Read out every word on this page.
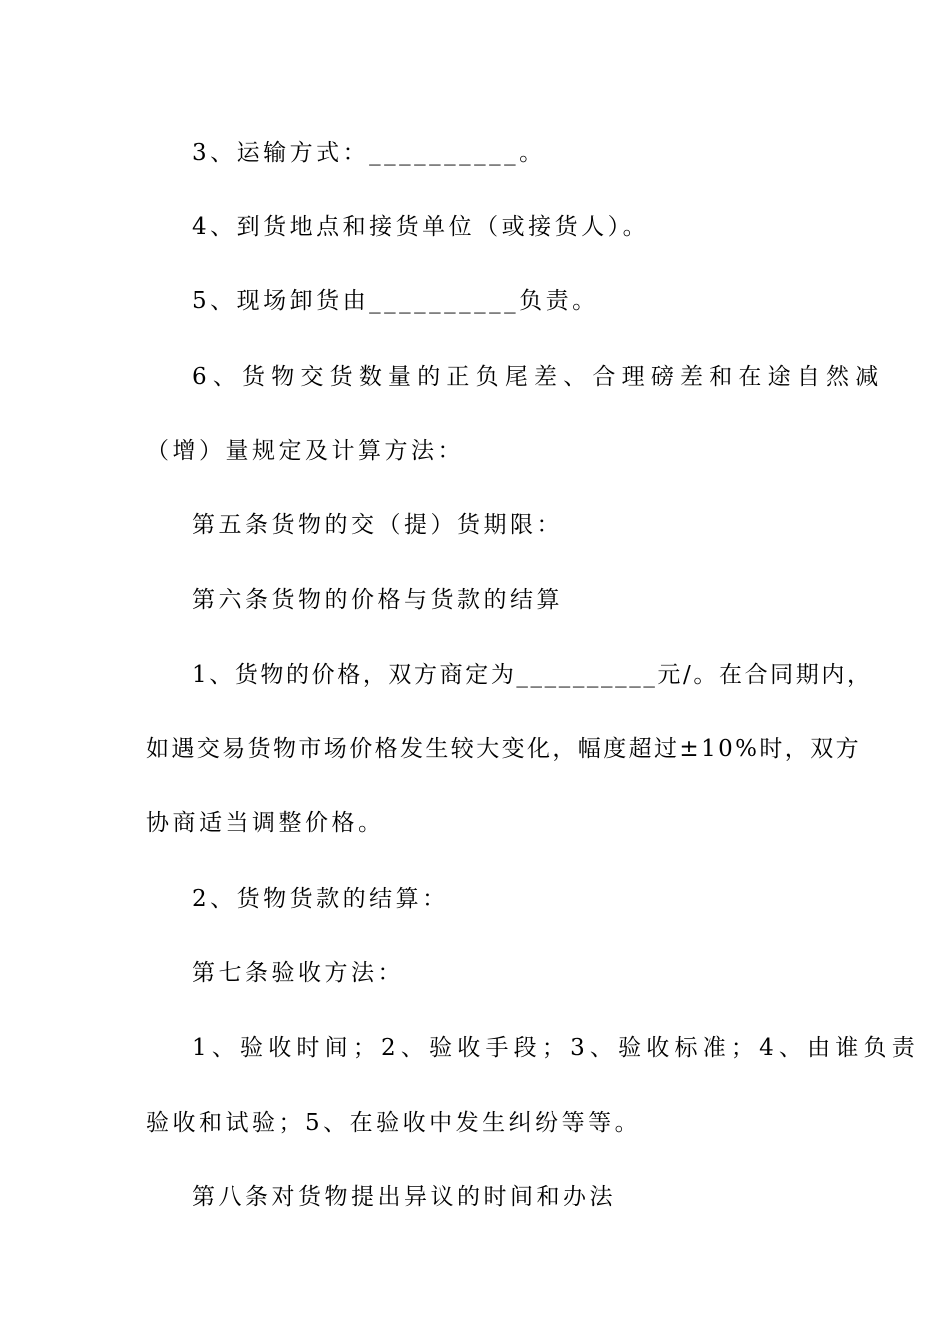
3、运输方式：__________。
4、到货地点和接货单位（或接货人）。
5、现场卸货由__________负责。
6、货物交货数量的正负尾差、合理磅差和在途自然减
（增）量规定及计算方法：
第五条货物的交（提）货期限：
第六条货物的价格与货款的结算
1、货物的价格，双方商定为__________元/。在合同期内，
如遇交易货物市场价格发生较大变化，幅度超过±10%时，双方
协商适当调整价格。
2、货物货款的结算：
第七条验收方法：
1、验收时间；2、验收手段；3、验收标准；4、由谁负责
验收和试验；5、在验收中发生纠纷等等。
第八条对货物提出异议的时间和办法
